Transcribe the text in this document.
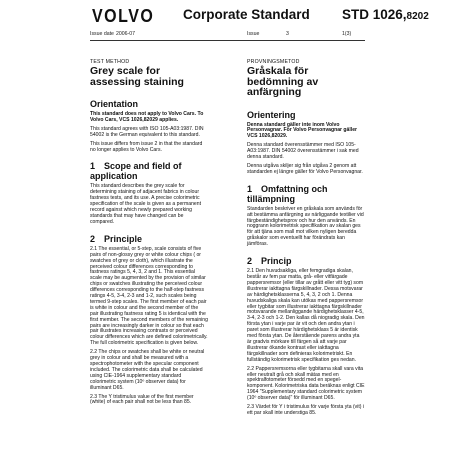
VOLVO Corporate Standard STD 1026,8202
Issue date 2006-07	Issue	3	1(3)
TEST METHOD
Grey scale for assessing staining
Orientation

This standard does not apply to Volvo Cars. To Volvo Cars, VCS 1026,82029 applies.

This standard agrees with ISO 105-A03:1987. DIN 54002 is the German equivalent to this standard.

This issue differs from issue 2 in that the standard no longer applies to Volvo Cars.

1 Scope and field of application

This standard describes the grey scale for determining staining of adjacent fabrics in colour fastness tests, and its use. A precise colorimetric specification of the scale is given as a permanent record against which newly prepared working standards that may have changed can be compared.

2 Principle

2.1 The essential, or 5-step, scale consists of five pairs of non-glossy grey or white colour chips ( or swatches of grey or cloth), which illustrate the perceived colour differences corresponding to fastness ratings 5, 4, 3, 2 and 1. This essential scale may be augmented by the provision of similar chips or swatches illustrating the perceived colour differences corresponding to the half-step fastness ratings 4-5, 3-4, 2-3 and 1-2, such scales being termed 9-step scales. The first member of each pair is white in colour and the second member of the pair illustrating fastness rating 5 is identical with the first member. The second members of the remaining pairs are increasingly darker in colour so that each pair illustrates increasing contrasts or perceived colour differences which are defined colorimetrically. The full colorimetric specification is given below.

2.2 The chips or swatches shall be white or neutral grey in colour and shall be measured with a spectrophotometer with the specular component included. The colorimetric data shall be calculated using CIE-1964 supplementary standard colorimetric system (10º observer data) for illuminant D65.

2.3 The Y tristimulus value of the first member (white) of each pair shall not be less than 85.

PROVNINGSMETOD
Gråskala för bedömning av anfärgning
Orientering

Denna standard gäller inte inom Volvo Personvagnar. För Volvo Personvagnar gäller VCS 1026,82029.

Denna standard överensstämmer med ISO 105-A03:1987. DIN 54002 överensstämmer i sak med denna standard.

Denna utgåva skiljer sig från utgåva 2 genom att standarden ej längre gäller för Volvo Personvagnar.

1 Omfattning och tillämpning

Standarden beskriver en gråskala som används för att bestämma anfärgning av närliggande textilier vid färgbeständighetsprov och hur den används. En noggrann kolorimetrisk specifikation av skalan ges för att tjäna som mall mot vilken nyligen beredda gråskalor som eventuellt har förändrats kan jämföras.

2 Princip

2.1 Den huvudsakliga, eller femgradiga skalan, består av fem par matta, grå- eller vitfärgade pappersremsor (eller tillar av grått eller vitt tyg) som illustrerar iakttagna färgskillnader. Dessa motsvarar av härdighetsklasserna 5, 4, 3, 2 och 1. Denna huvudskaliga skala kan utökas med pappersremsor eller tygbitar som illustrerar iakttagna färgskillnader motsvarande mellanliggande härdighetsklasser 4-5, 3-4, 2-3 och 1-2. Den kallas då niogradig skala. Den första ytan i varje par är vit och den andra ytan i paret som illustrerar härdighetsklass 5 är identisk med första ytan. De återstående parens andra yta är gradvis mörkare till färgen så att varje par illustrerar ökande kontrast eller iakttagna färgskillnader som definieras kolorimetriskt. En fullständig kolorimetrisk specifikation ges nedan.

2.2 Pappersremsorna eller tygbitarna skall vara vita eller neutralt grå och skall mätas med en spektralfotometer försedd med en spegel-komponent. Kolorimetriska data beräknas enligt CIE 1964 "Supplementary standard colorimetric system (10º observer data)" för illuminant D65.

2.3 Värdet för Y i tristimulus för varje första yta (vit) i ett par skall inte understiga 85.
